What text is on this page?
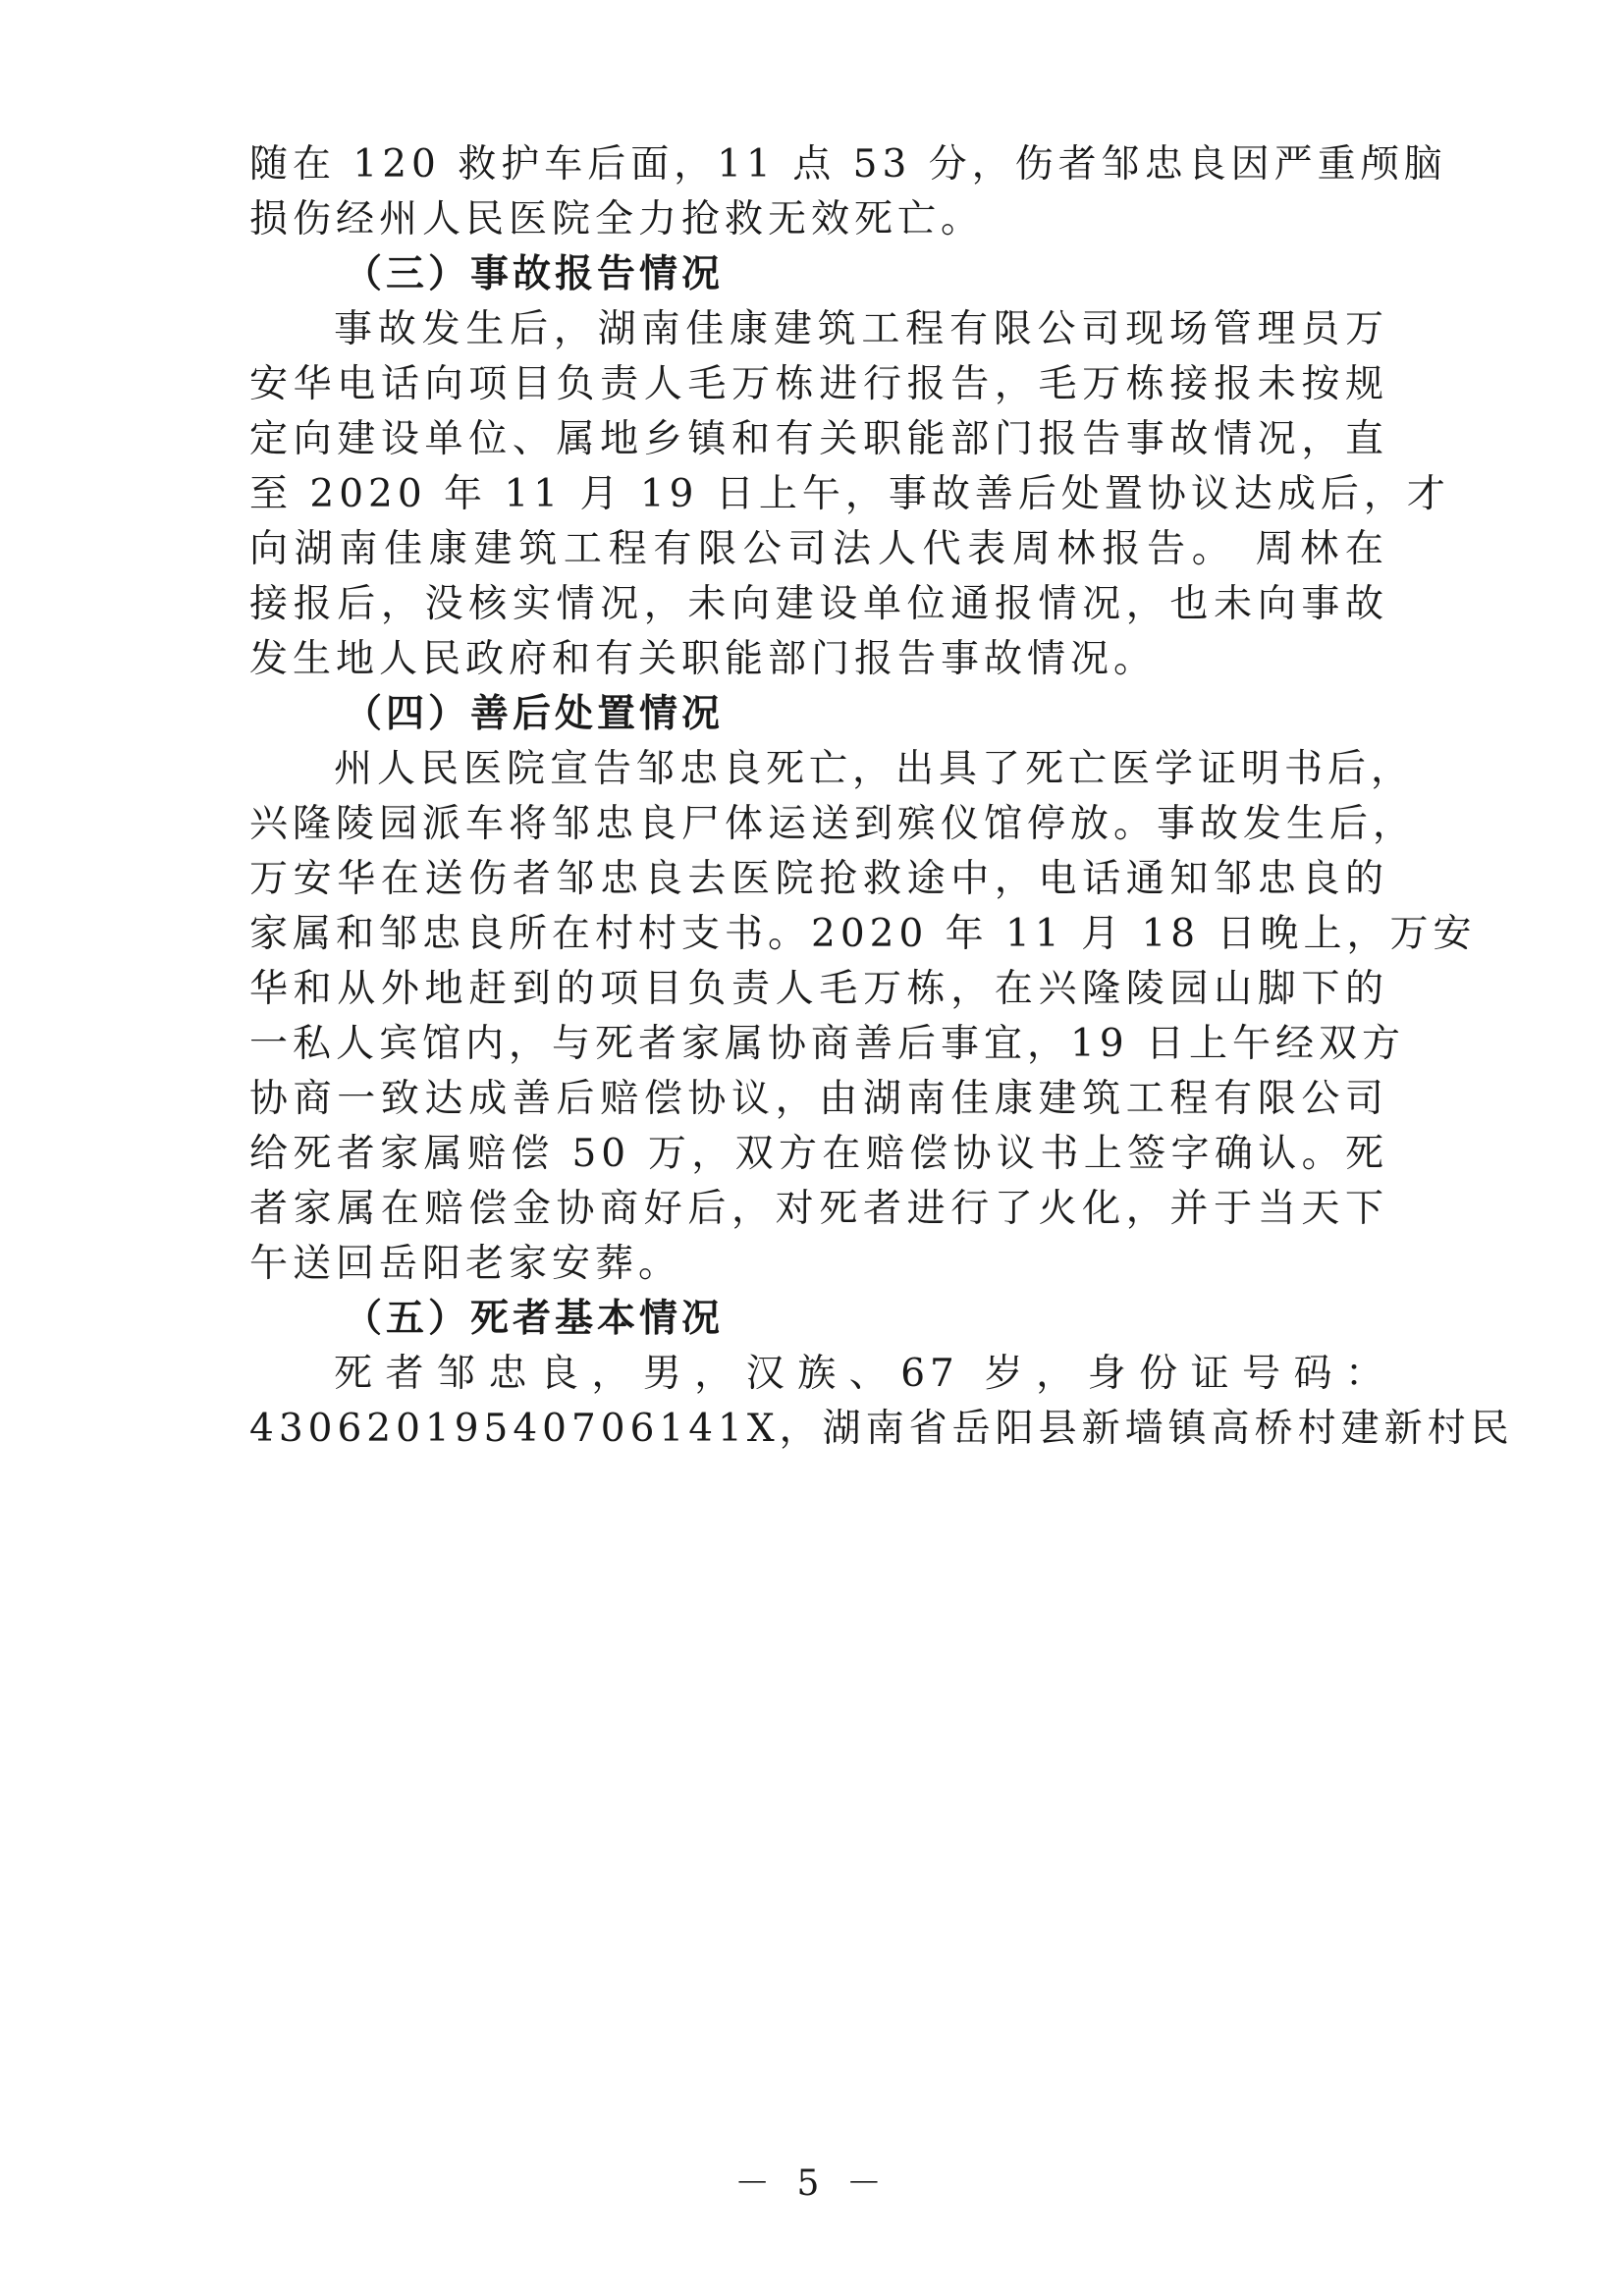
随在 120 救护车后面，11 点 53 分，伤者邹忠良因严重颅脑
损伤经州人民医院全力抢救无效死亡。
（三）事故报告情况
事故发生后，湖南佳康建筑工程有限公司现场管理员万
安华电话向项目负责人毛万栋进行报告，毛万栋接报未按规
定向建设单位、属地乡镇和有关职能部门报告事故情况，直
至 2020 年 11 月 19 日上午，事故善后处置协议达成后，才
向湖南佳康建筑工程有限公司法人代表周林报告。 周林在
接报后，没核实情况，未向建设单位通报情况，也未向事故
发生地人民政府和有关职能部门报告事故情况。
（四）善后处置情况
州人民医院宣告邹忠良死亡，出具了死亡医学证明书后，
兴隆陵园派车将邹忠良尸体运送到殡仪馆停放。事故发生后，
万安华在送伤者邹忠良去医院抢救途中，电话通知邹忠良的
家属和邹忠良所在村村支书。2020 年 11 月 18 日晚上，万安
华和从外地赶到的项目负责人毛万栋，在兴隆陵园山脚下的
一私人宾馆内，与死者家属协商善后事宜，19 日上午经双方
协商一致达成善后赔偿协议，由湖南佳康建筑工程有限公司
给死者家属赔偿 50 万，双方在赔偿协议书上签字确认。死
者家属在赔偿金协商好后，对死者进行了火化，并于当天下
午送回岳阳老家安葬。
（五）死者基本情况
死者邹忠良，男，汉族、67 岁，身份证号码：
43062019540706141X，湖南省岳阳县新墙镇高桥村建新村民
－ 5 －
